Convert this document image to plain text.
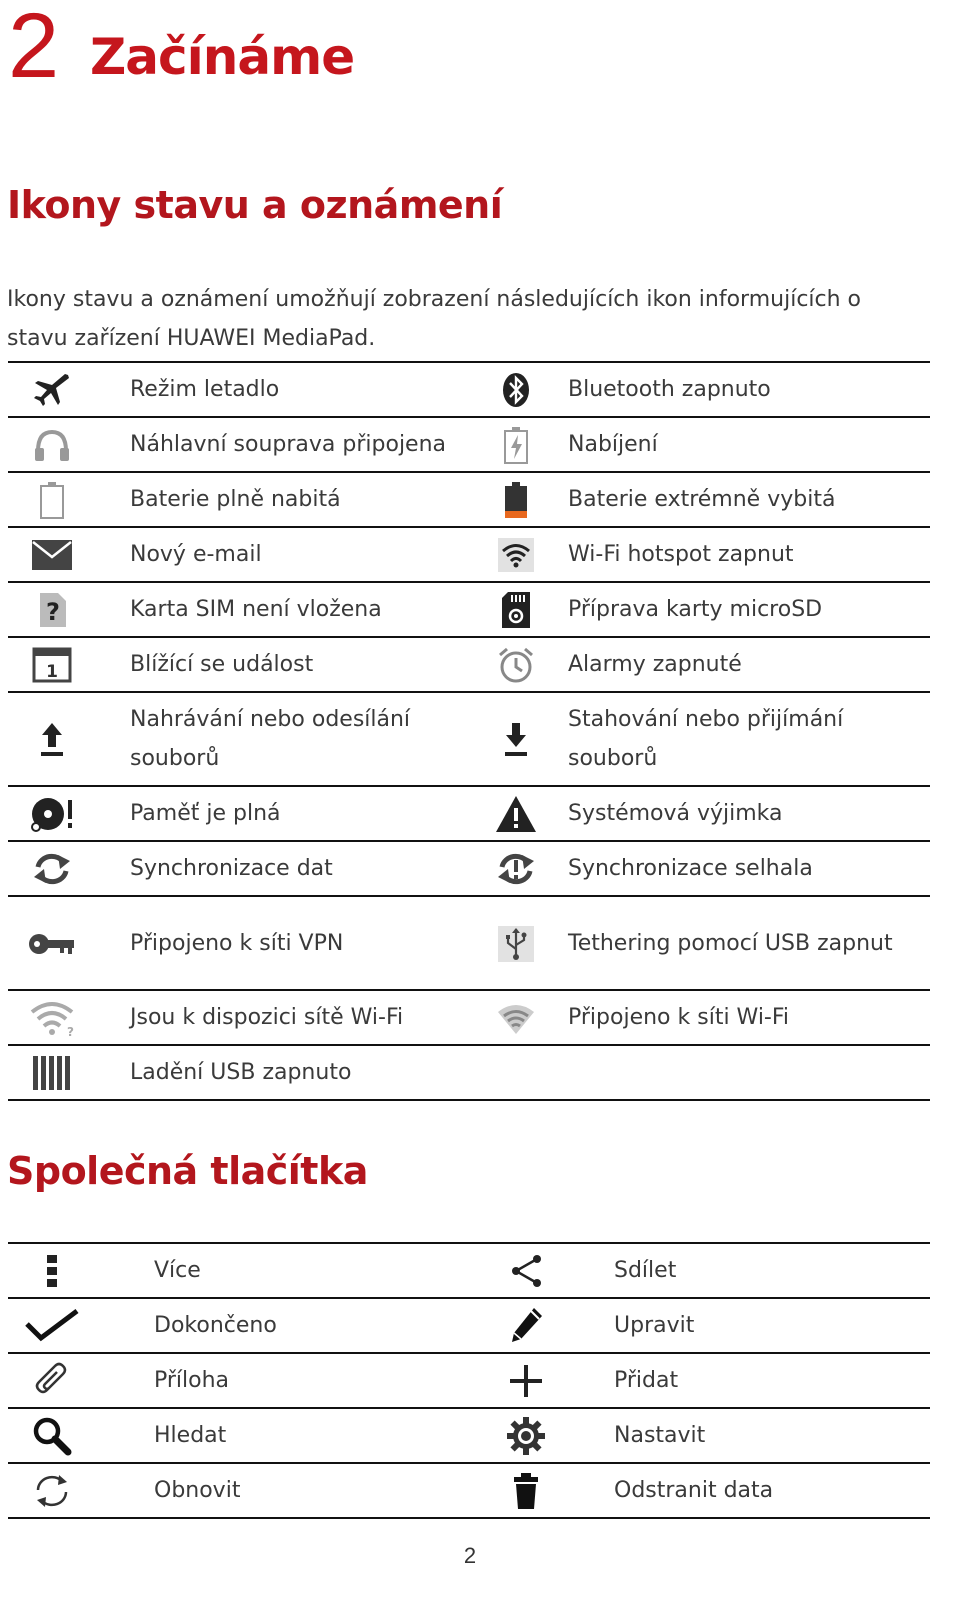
2 Začínáme
Ikony stavu a oznámení

Ikony stavu a oznámení umožňují zobrazení následujících ikon informujících o stavu zařízení HUAWEI MediaPad.

	Režim letadlo		Bluetooth zapnuto

	Náhlavní souprava připojena		Nabíjení

	Baterie plně nabitá		Baterie extrémně vybitá

	Nový e-mail		Wi-Fi hotspot zapnut

?	Karta SIM není vložena		Příprava karty microSD

1	Blížící se událost		Alarmy zapnuté

	Nahrávání nebo odesílání souborů		Stahování nebo přijímání souborů

	Paměť je plná		Systémová výjimka

	Synchronizace dat		Synchronizace selhala

	Připojeno k síti VPN		Tethering pomocí USB zapnut

?	Jsou k dispozici sítě Wi-Fi		Připojeno k síti Wi-Fi

	Ladění USB zapnuto		
Společná tlačítka
	Více		Sdílet

	Dokončeno		Upravit

	Příloha		Přidat

	Hledat		Nastavit

	Obnovit		Odstranit data
2
